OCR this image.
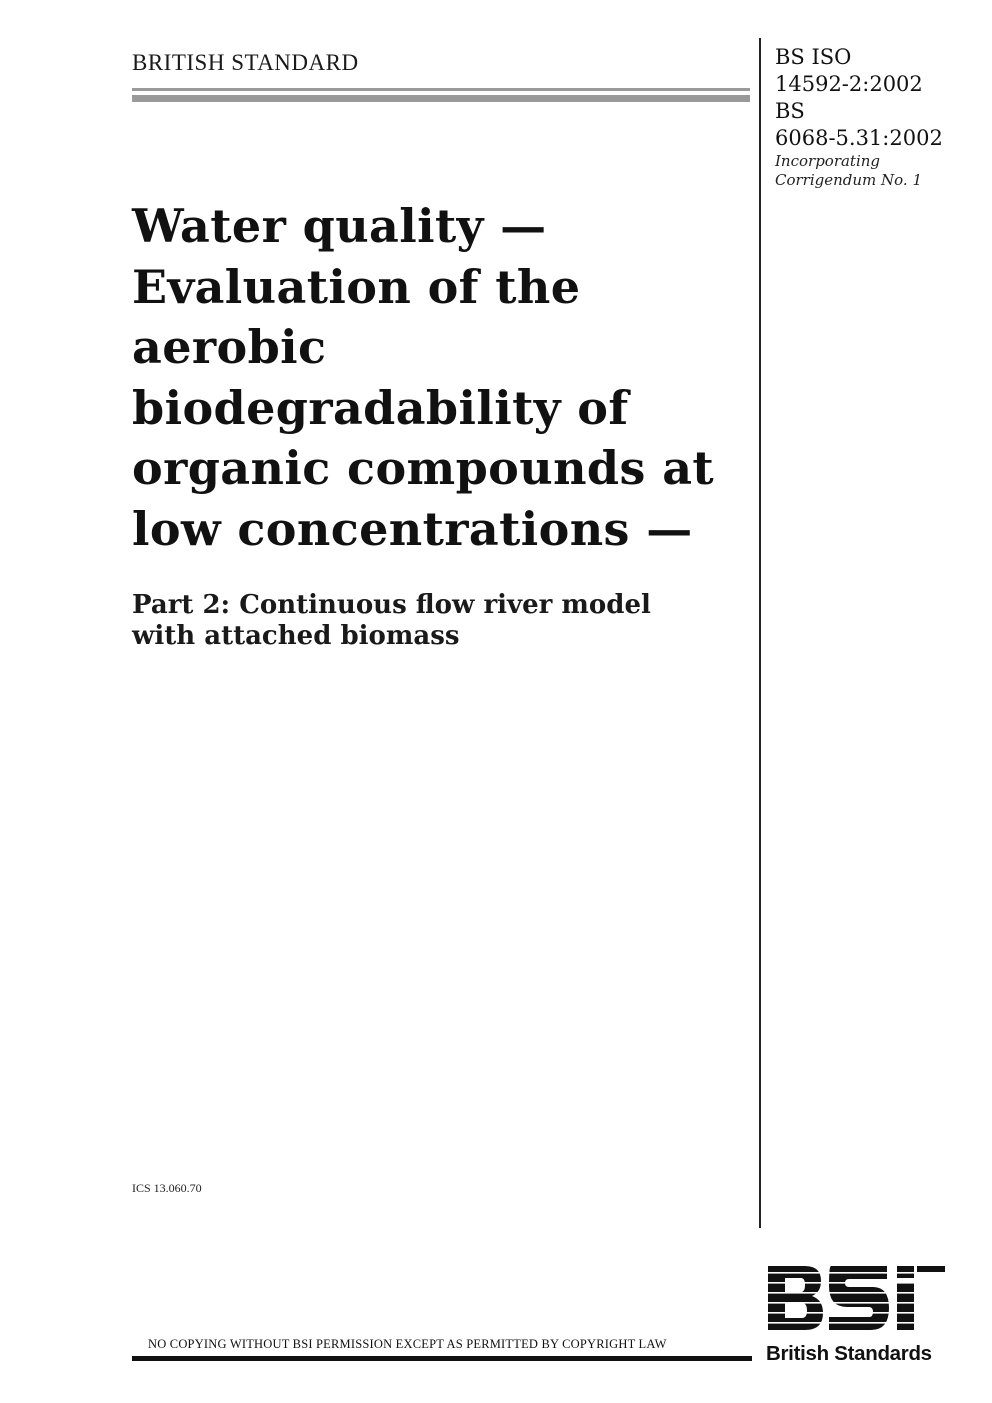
BRITISH STANDARD	BS ISO
14592-2:2002
BS
6068-5.31:2002
Incorporating
Corrigendum No. 1
Water quality —
Evaluation of the
aerobic
biodegradability of
organic compounds at
low concentrations —
Part 2: Continuous flow river model
with attached biomass
ICS 13.060.70
NO COPYING WITHOUT BSI PERMISSION EXCEPT AS PERMITTED BY COPYRIGHT LAW	British Standards
